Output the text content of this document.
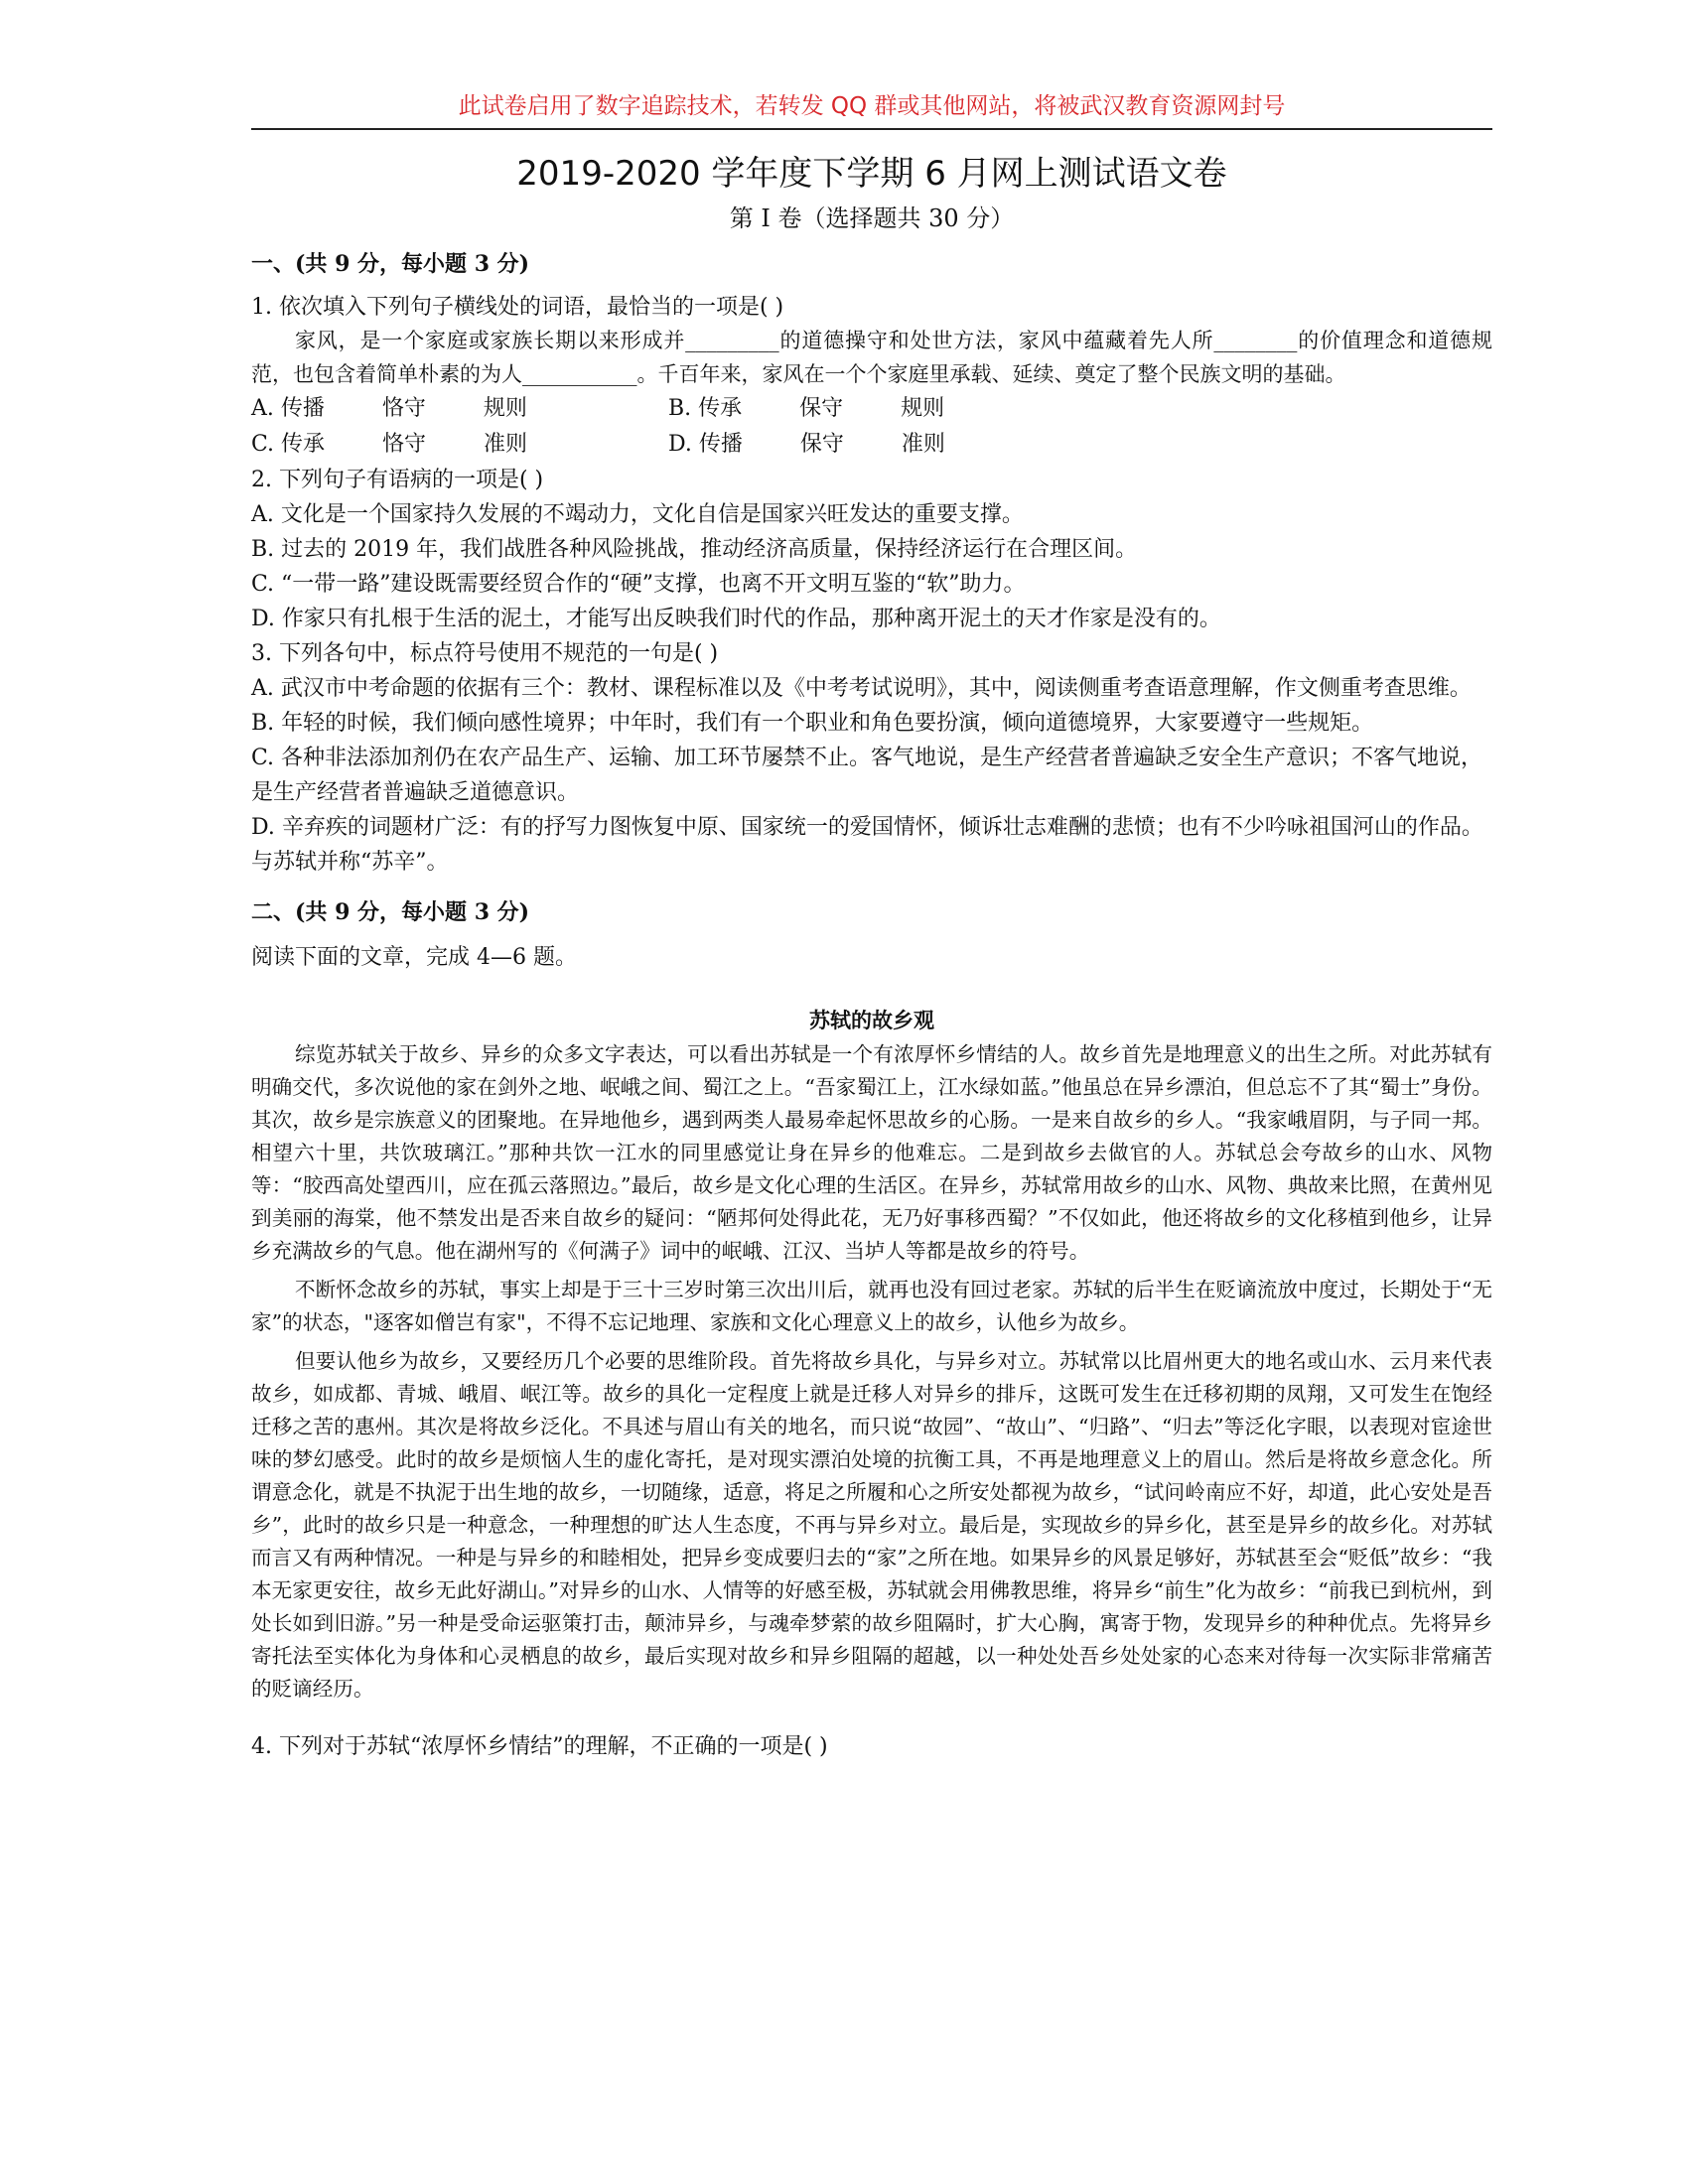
此试卷启用了数字追踪技术，若转发 QQ 群或其他网站，将被武汉教育资源网封号
2019-2020 学年度下学期 6 月网上测试语文卷
第 I 卷（选择题共 30 分）
一、(共 9 分，每小题 3 分)
1. 依次填入下列句子横线处的词语，最恰当的一项是( )
家风，是一个家庭或家族长期以来形成并_________的道德操守和处世方法，家风中蕴藏着先人所________的价值理念和道德规范，也包含着简单朴素的为人___________。千百年来，家风在一个个家庭里承载、延续、奠定了整个民族文明的基础。
A. 传播	恪守	规则	B. 传承	保守	规则
C. 传承	恪守	准则	D. 传播	保守	准则
2. 下列句子有语病的一项是( )
A. 文化是一个国家持久发展的不竭动力，文化自信是国家兴旺发达的重要支撑。
B. 过去的 2019 年，我们战胜各种风险挑战，推动经济高质量，保持经济运行在合理区间。
C. “一带一路”建设既需要经贸合作的“硬”支撑，也离不开文明互鉴的“软”助力。
D. 作家只有扎根于生活的泥土，才能写出反映我们时代的作品，那种离开泥土的天才作家是没有的。
3. 下列各句中，标点符号使用不规范的一句是( )
A. 武汉市中考命题的依据有三个：教材、课程标准以及《中考考试说明》，其中，阅读侧重考查语意理解，作文侧重考查思维。
B. 年轻的时候，我们倾向感性境界；中年时，我们有一个职业和角色要扮演，倾向道德境界，大家要遵守一些规矩。
C. 各种非法添加剂仍在农产品生产、运输、加工环节屡禁不止。客气地说，是生产经营者普遍缺乏安全生产意识；不客气地说，是生产经营者普遍缺乏道德意识。
D. 辛弃疾的词题材广泛：有的抒写力图恢复中原、国家统一的爱国情怀，倾诉壮志难酬的悲愤；也有不少吟咏祖国河山的作品。与苏轼并称“苏辛”。
二、(共 9 分，每小题 3 分)
阅读下面的文章，完成 4—6 题。
苏轼的故乡观

综览苏轼关于故乡、异乡的众多文字表达，可以看出苏轼是一个有浓厚怀乡情结的人。故乡首先是地理意义的出生之所。对此苏轼有明确交代，多次说他的家在剑外之地、岷峨之间、蜀江之上。“吾家蜀江上，江水绿如蓝。”他虽总在异乡漂泊，但总忘不了其“蜀士”身份。其次，故乡是宗族意义的团聚地。在异地他乡，遇到两类人最易牵起怀思故乡的心肠。一是来自故乡的乡人。“我家峨眉阴，与子同一邦。相望六十里，共饮玻璃江。”那种共饮一江水的同里感觉让身在异乡的他难忘。二是到故乡去做官的人。苏轼总会夸故乡的山水、风物等：“胶西高处望西川，应在孤云落照边。”最后，故乡是文化心理的生活区。在异乡，苏轼常用故乡的山水、风物、典故来比照，在黄州见到美丽的海棠，他不禁发出是否来自故乡的疑问：“陋邦何处得此花，无乃好事移西蜀？”不仅如此，他还将故乡的文化移植到他乡，让异乡充满故乡的气息。他在湖州写的《何满子》词中的岷峨、江汉、当垆人等都是故乡的符号。

不断怀念故乡的苏轼，事实上却是于三十三岁时第三次出川后，就再也没有回过老家。苏轼的后半生在贬谪流放中度过，长期处于“无家”的状态，"逐客如僧岂有家"，不得不忘记地理、家族和文化心理意义上的故乡，认他乡为故乡。

但要认他乡为故乡，又要经历几个必要的思维阶段。首先将故乡具化，与异乡对立。苏轼常以比眉州更大的地名或山水、云月来代表故乡，如成都、青城、峨眉、岷江等。故乡的具化一定程度上就是迁移人对异乡的排斥，这既可发生在迁移初期的凤翔，又可发生在饱经迁移之苦的惠州。其次是将故乡泛化。不具述与眉山有关的地名，而只说“故园”、“故山”、“归路”、“归去”等泛化字眼，以表现对宦途世味的梦幻感受。此时的故乡是烦恼人生的虚化寄托，是对现实漂泊处境的抗衡工具，不再是地理意义上的眉山。然后是将故乡意念化。所谓意念化，就是不执泥于出生地的故乡，一切随缘，适意，将足之所履和心之所安处都视为故乡，“试问岭南应不好，却道，此心安处是吾乡”，此时的故乡只是一种意念，一种理想的旷达人生态度，不再与异乡对立。最后是，实现故乡的异乡化，甚至是异乡的故乡化。对苏轼而言又有两种情况。一种是与异乡的和睦相处，把异乡变成要归去的“家”之所在地。如果异乡的风景足够好，苏轼甚至会“贬低”故乡：“我本无家更安往，故乡无此好湖山。”对异乡的山水、人情等的好感至极，苏轼就会用佛教思维，将异乡“前生”化为故乡：“前我已到杭州，到处长如到旧游。”另一种是受命运驱策打击，颠沛异乡，与魂牵梦萦的故乡阻隔时，扩大心胸，寓寄于物，发现异乡的种种优点。先将异乡寄托法至实体化为身体和心灵栖息的故乡，最后实现对故乡和异乡阻隔的超越，以一种处处吾乡处处家的心态来对待每一次实际非常痛苦的贬谪经历。

4. 下列对于苏轼“浓厚怀乡情结”的理解，不正确的一项是( )
